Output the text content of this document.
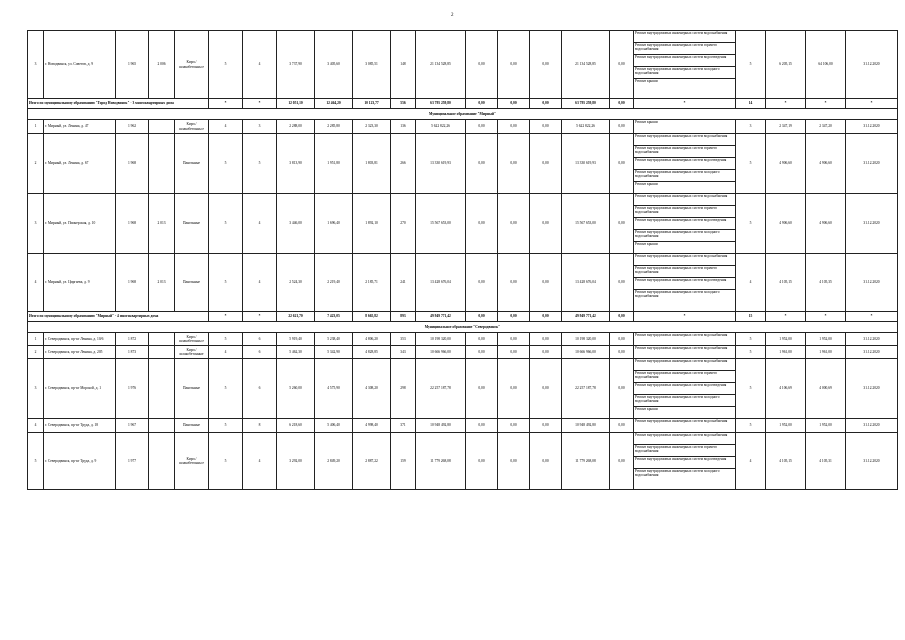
2
3	г. Новодвинск, ул. Советов, д. 9	1 965	2 006	Кирп./ шлакобетонны е	5	4	3 737,90	3 405,60	3 085,51	148	21 134 528,85	0,00	0,00	0,00	21 134 528,85	0,00	Ремонт внутридомовых инженерных систем водоснабжения
Ремонт внутридомовых инженерных систем горячего водоснабжения
Ремонт внутридомовых инженерных систем водоотведения
Ремонт внутридомовых инженерных систем холодного водоснабжения
Ремонт крыши	5	6 205,15	64 106,00	31.12.2020
Итого по муниципальному образованию "Город Новодвинск" - 3 многоквартирных дома					*	*	12 051,10	12 464,20	10 123,77	556	63 795 259,80	0,00	0,00	0,00	63 795 259,80	0,00	*	14	*	*	*
Муниципальное образование "Мирный"																					
1	г. Мирный, ул. Ленина, д. 47	1 962		Кирп./ шлакобетонны е	4	3	2 288,00	2 285,80	2 323,30	136	5 622 822,26	0,00	0,00	0,00	5 622 822,26	0,00	Ремонт крыши	3	2 347,19	2 347,20	31.12.2020
2	г. Мирный, ул. Ленина, д. 67	1 968		Панельные	5	5	3 813,90	1 951,80	1 803,81	266	13 330 619,93	0,00	0,00	0,00	13 330 619,93	0,00	Ремонт внутридомовых инженерных систем водоснабжения
Ремонт внутридомовых инженерных систем горячего водоснабжения
Ремонт внутридомовых инженерных систем водоотведения
Ремонт внутридомовых инженерных систем холодного водоснабжения
Ремонт крыши	5	4 906,60	4 906,60	31.12.2020
3	г. Мирный, ул. Пионерская, д. 10	1 968	2 013	Панельные	5	4	3 446,00	1 696,40	1 892,10	270	15 567 653,00	0,00	0,00	0,00	15 567 653,00	0,00	Ремонт внутридомовых инженерных систем водоснабжения
Ремонт внутридомовых инженерных систем горячего водоснабжения
Ремонт внутридомовых инженерных систем водоотведения
Ремонт внутридомовых инженерных систем холодного водоснабжения
Ремонт крыши	5	4 906,60	4 906,60	31.12.2020
4	г. Мирный, ул. Циргаева, д. 9	1 968	2 013	Панельные	5	4	2 524,30	2 219,40	2 185,71	241	13 428 676,04	0,00	0,00	0,00	13 428 676,04	0,00	Ремонт внутридомовых инженерных систем водоснабжения
Ремонт внутридомовых инженерных систем горячего водоснабжения
Ремонт внутридомовых инженерных систем водоотведения
Ремонт внутридомовых инженерных систем холодного водоснабжения	4	4 105,15	4 105,35	31.12.2020
Итого по муниципальному образованию "Мирный" - 4 многоквартирных дома					*	*	22 621,70	7 423,05	8 665,82	893	49 949 771,42	0,00	0,00	0,00	49 949 771,42	0,00	*	15	*	*	*
Муниципальное образование "Северодвинск"																					
1	г. Северодвинск, пр-кт Ленина, д. 10/6	1 872		Кирп./ шлакобетонны е	5	6	5 919,40	5 238,40	4 806,20	353	10 198 320,00	0,00	0,00	0,00	10 198 320,00	0,00	Ремонт внутридомовых инженерных систем водоснабжения	5	1 952,00	1 952,00	31.12.2020
2	г. Северодвинск, пр-кт Ленина, д. 205	1 873		Кирп./ шлакобетонные	4	6	5 462,30	5 342,90	4 828,85	343	10 666 966,00	0,00	0,00	0,00	10 666 966,00	0,00	Ремонт внутридомовых инженерных систем водоснабжения	5	1 961,00	1 961,00	31.12.2020
3	г. Северодвинск, пр-кт Морской, д. 1	1 976		Панельные	5	6	5 260,00	4 575,90	4 308,20	298	22 257 187,78	0,00	0,00	0,00	22 257 187,78	0,00	Ремонт внутридомовых инженерных систем водоснабжения
Ремонт внутридомовых инженерных систем горячего водоснабжения
Ремонт внутридомовых инженерных систем водоотведения
Ремонт внутридомовых инженерных систем холодного водоснабжения
Ремонт крыши	5	4 106,69	4 000,69	31.12.2020
4	г. Северодвинск, пр-кт Труда, д. 18	1 967		Панельные	5	8	6 218,60	5 406,40	4 998,40	371	10 948 492,80	0,00	0,00	0,00	10 948 492,80	0,00	Ремонт внутридомовых инженерных систем водоснабжения	5	1 952,00	1 952,00	31.12.2020
5	г. Северодвинск, пр-кт Труда, д. 9	1 977		Кирп./ шлакобетонны е	5	4	3 292,00	2 849,20	2 887,22	159	11 779 268,08	0,00	0,00	0,00	11 779 268,08	0,00	Ремонт внутридомовых инженерных систем водоснабжения
Ремонт внутридомовых инженерных систем горячего водоснабжения
Ремонт внутридомовых инженерных систем водоотведения
Ремонт внутридомовых инженерных систем холодного водоснабжения	4	4 105,15	4 105,31	31.12.2020
